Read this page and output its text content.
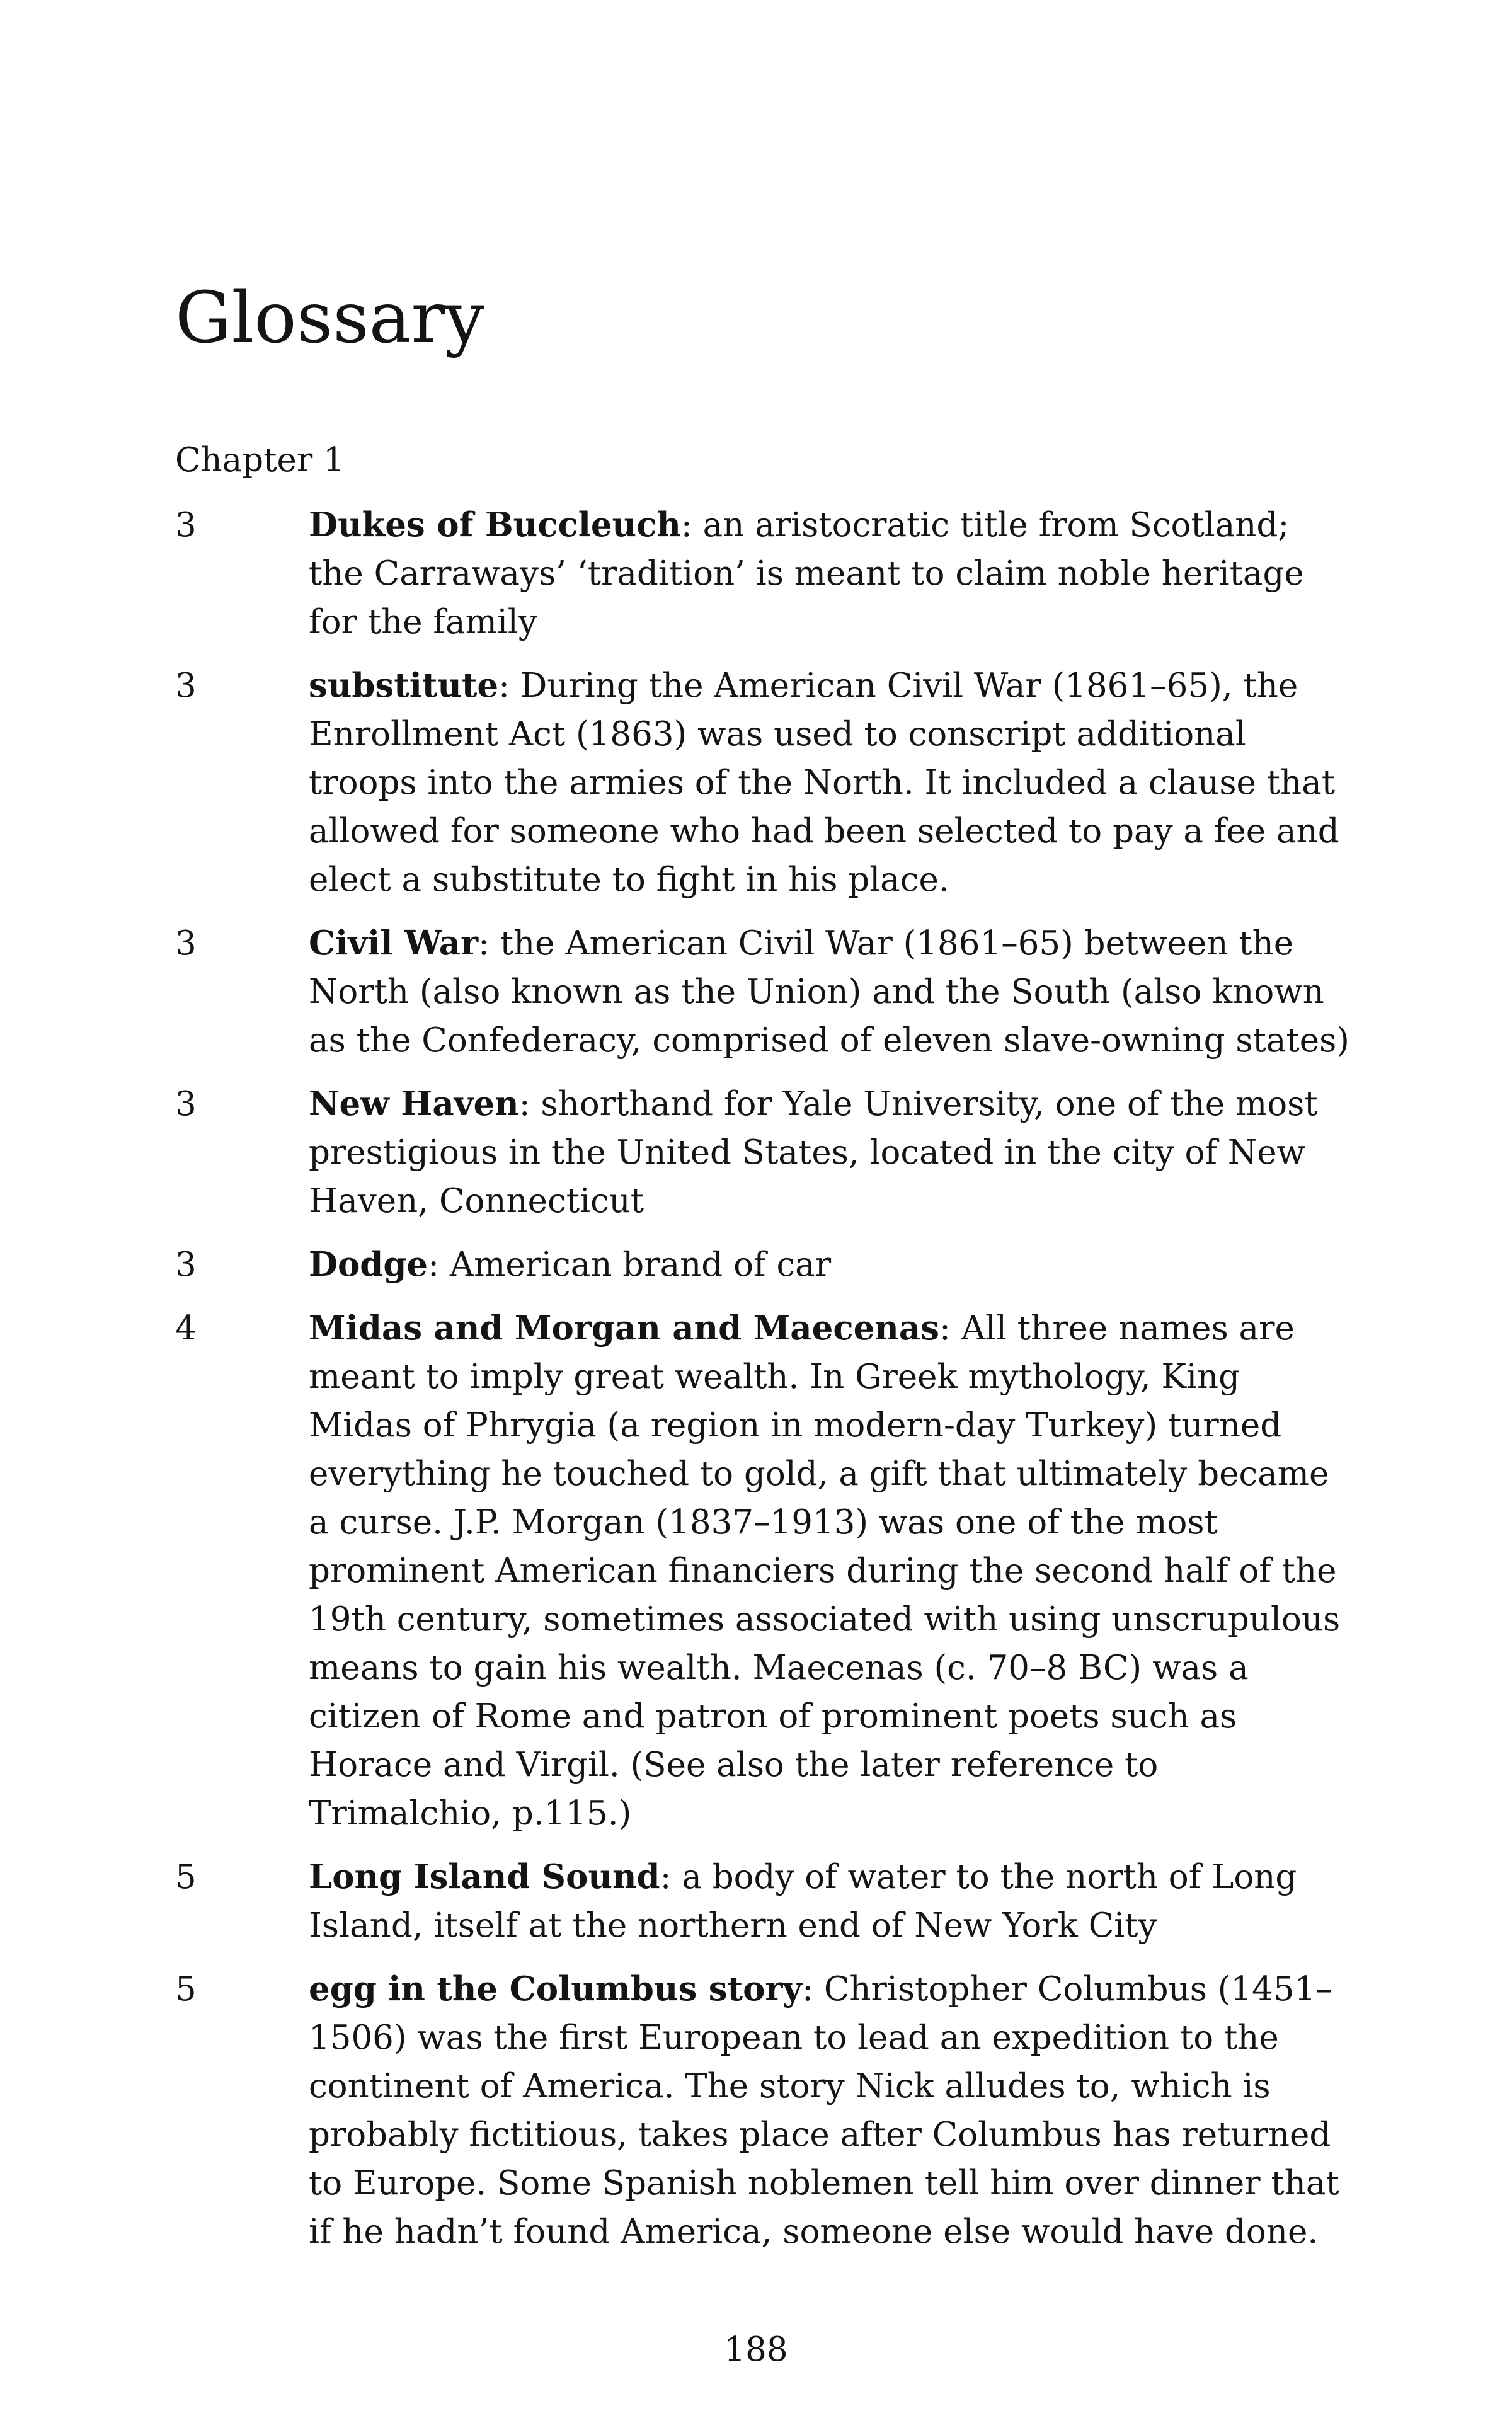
Glossary
Chapter 1
3	Dukes of Buccleuch: an aristocratic title from Scotland; the Carraways’ ‘tradition’ is meant to claim noble heritage for the family
3	substitute: During the American Civil War (1861–65), the Enrollment Act (1863) was used to conscript additional troops into the armies of the North. It included a clause that allowed for someone who had been selected to pay a fee and elect a substitute to fight in his place.
3	Civil War: the American Civil War (1861–65) between the North (also known as the Union) and the South (also known as the Confederacy, comprised of eleven slave-owning states)
3	New Haven: shorthand for Yale University, one of the most prestigious in the United States, located in the city of New Haven, Connecticut
3	Dodge: American brand of car
4	Midas and Morgan and Maecenas: All three names are meant to imply great wealth. In Greek mythology, King Midas of Phrygia (a region in modern-day Turkey) turned everything he touched to gold, a gift that ultimately became a curse. J.P. Morgan (1837–1913) was one of the most prominent American financiers during the second half of the 19th century, sometimes associated with using unscrupulous means to gain his wealth. Maecenas (c. 70–8 BC) was a citizen of Rome and patron of prominent poets such as Horace and Virgil. (See also the later reference to Trimalchio, p.115.)
5	Long Island Sound: a body of water to the north of Long Island, itself at the northern end of New York City
5	egg in the Columbus story: Christopher Columbus (1451–1506) was the first European to lead an expedition to the continent of America. The story Nick alludes to, which is probably fictitious, takes place after Columbus has returned to Europe. Some Spanish noblemen tell him over dinner that if he hadn’t found America, someone else would have done.
188
